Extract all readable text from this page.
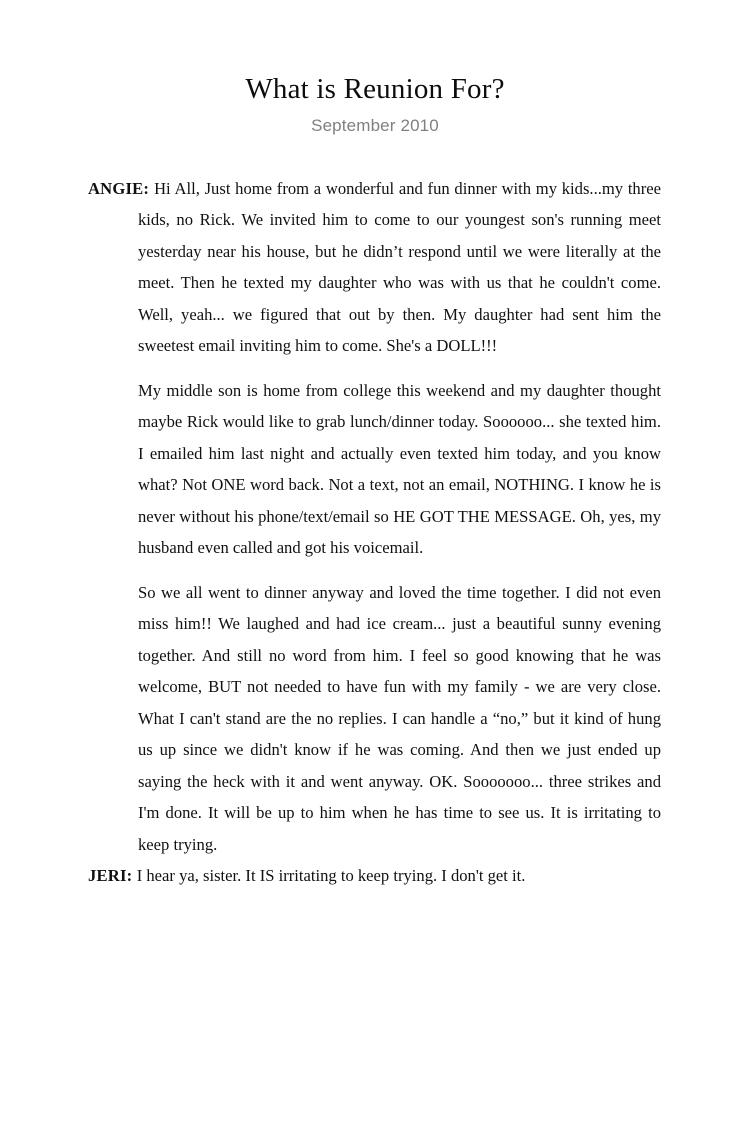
What is Reunion For?
September 2010

ANGIE: Hi All, Just home from a wonderful and fun dinner with my kids...my three kids, no Rick. We invited him to come to our youngest son's running meet yesterday near his house, but he didn’t respond until we were literally at the meet. Then he texted my daughter who was with us that he couldn't come. Well, yeah... we figured that out by then. My daughter had sent him the sweetest email inviting him to come. She's a DOLL!!!

My middle son is home from college this weekend and my daughter thought maybe Rick would like to grab lunch/dinner today. Soooooo... she texted him. I emailed him last night and actually even texted him today, and you know what? Not ONE word back. Not a text, not an email, NOTHING. I know he is never without his phone/text/email so HE GOT THE MESSAGE. Oh, yes, my husband even called and got his voicemail.

So we all went to dinner anyway and loved the time together. I did not even miss him!! We laughed and had ice cream... just a beautiful sunny evening together. And still no word from him. I feel so good knowing that he was welcome, BUT not needed to have fun with my family - we are very close. What I can't stand are the no replies. I can handle a “no,” but it kind of hung us up since we didn't know if he was coming. And then we just ended up saying the heck with it and went anyway. OK. Sooooooo... three strikes and I'm done. It will be up to him when he has time to see us. It is irritating to keep trying.

JERI: I hear ya, sister. It IS irritating to keep trying. I don't get it.
